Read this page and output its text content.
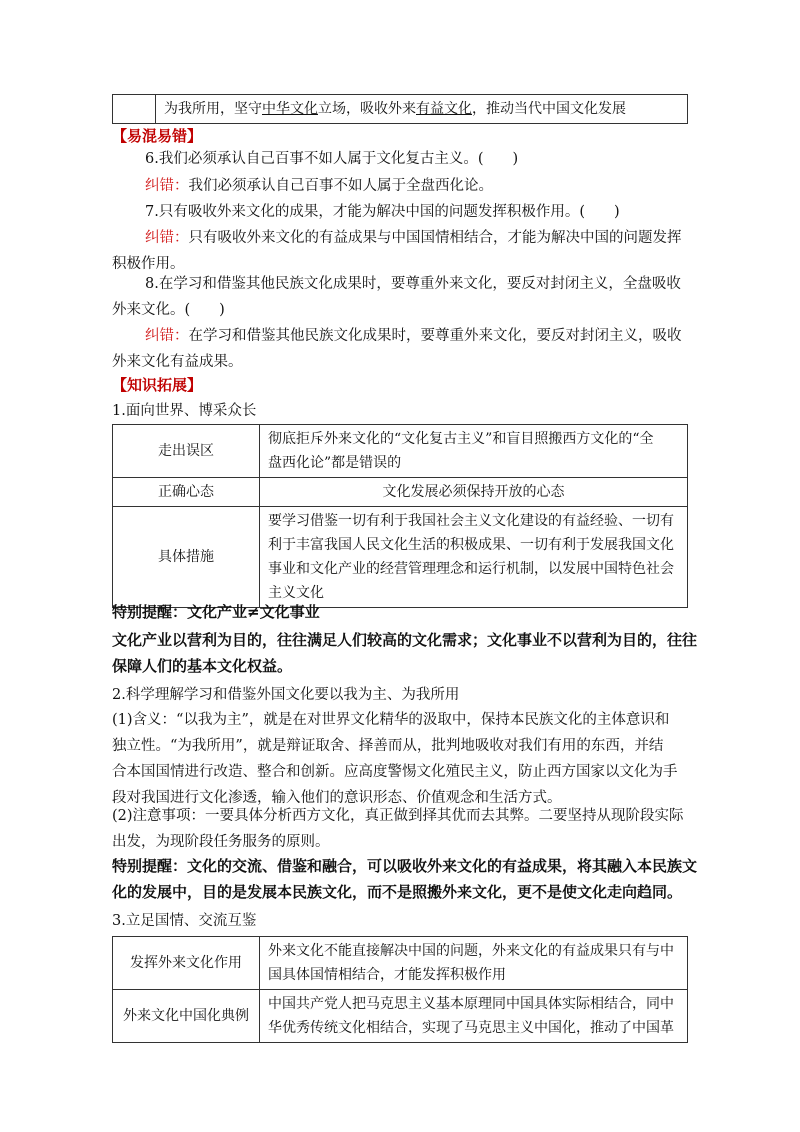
	为我所用，坚守中华文化立场，吸收外来有益文化，推动当代中国文化发展
【易混易错】
6.我们必须承认自己百事不如人属于文化复古主义。(　　)
纠错：我们必须承认自己百事不如人属于全盘西化论。
7.只有吸收外来文化的成果，才能为解决中国的问题发挥积极作用。(　　)
纠错：只有吸收外来文化的有益成果与中国国情相结合，才能为解决中国的问题发挥
积极作用。
8.在学习和借鉴其他民族文化成果时，要尊重外来文化，要反对封闭主义，全盘吸收
外来文化。(　　)
纠错：在学习和借鉴其他民族文化成果时，要尊重外来文化，要反对封闭主义，吸收
外来文化有益成果。
【知识拓展】
1.面向世界、博采众长
走出误区	彻底拒斥外来文化的“文化复古主义”和盲目照搬西方文化的“全
盘西化论”都是错误的

正确心态	文化发展必须保持开放的心态
具体措施	要学习借鉴一切有利于我国社会主义文化建设的有益经验、一切有
利于丰富我国人民文化生活的积极成果、一切有利于发展我国文化
事业和文化产业的经营管理理念和运行机制，以发展中国特色社会
主义文化
特别提醒：文化产业≠文化事业
文化产业以营利为目的，往往满足人们较高的文化需求；文化事业不以营利为目的，往往
保障人们的基本文化权益。
2.科学理解学习和借鉴外国文化要以我为主、为我所用
(1)含义：“以我为主”，就是在对世界文化精华的汲取中，保持本民族文化的主体意识和
独立性。“为我所用”，就是辩证取舍、择善而从，批判地吸收对我们有用的东西，并结
合本国国情进行改造、整合和创新。应高度警惕文化殖民主义，防止西方国家以文化为手
段对我国进行文化渗透，输入他们的意识形态、价值观念和生活方式。
(2)注意事项：一要具体分析西方文化，真正做到择其优而去其弊。二要坚持从现阶段实际
出发，为现阶段任务服务的原则。
特别提醒：文化的交流、借鉴和融合，可以吸收外来文化的有益成果，将其融入本民族文
化的发展中，目的是发展本民族文化，而不是照搬外来文化，更不是使文化走向趋同。
3.立足国情、交流互鉴
发挥外来文化作用	外来文化不能直接解决中国的问题，外来文化的有益成果只有与中
国具体国情相结合，才能发挥积极作用

外来文化中国化典例	中国共产党人把马克思主义基本原理同中国具体实际相结合，同中
华优秀传统文化相结合，实现了马克思主义中国化，推动了中国革
